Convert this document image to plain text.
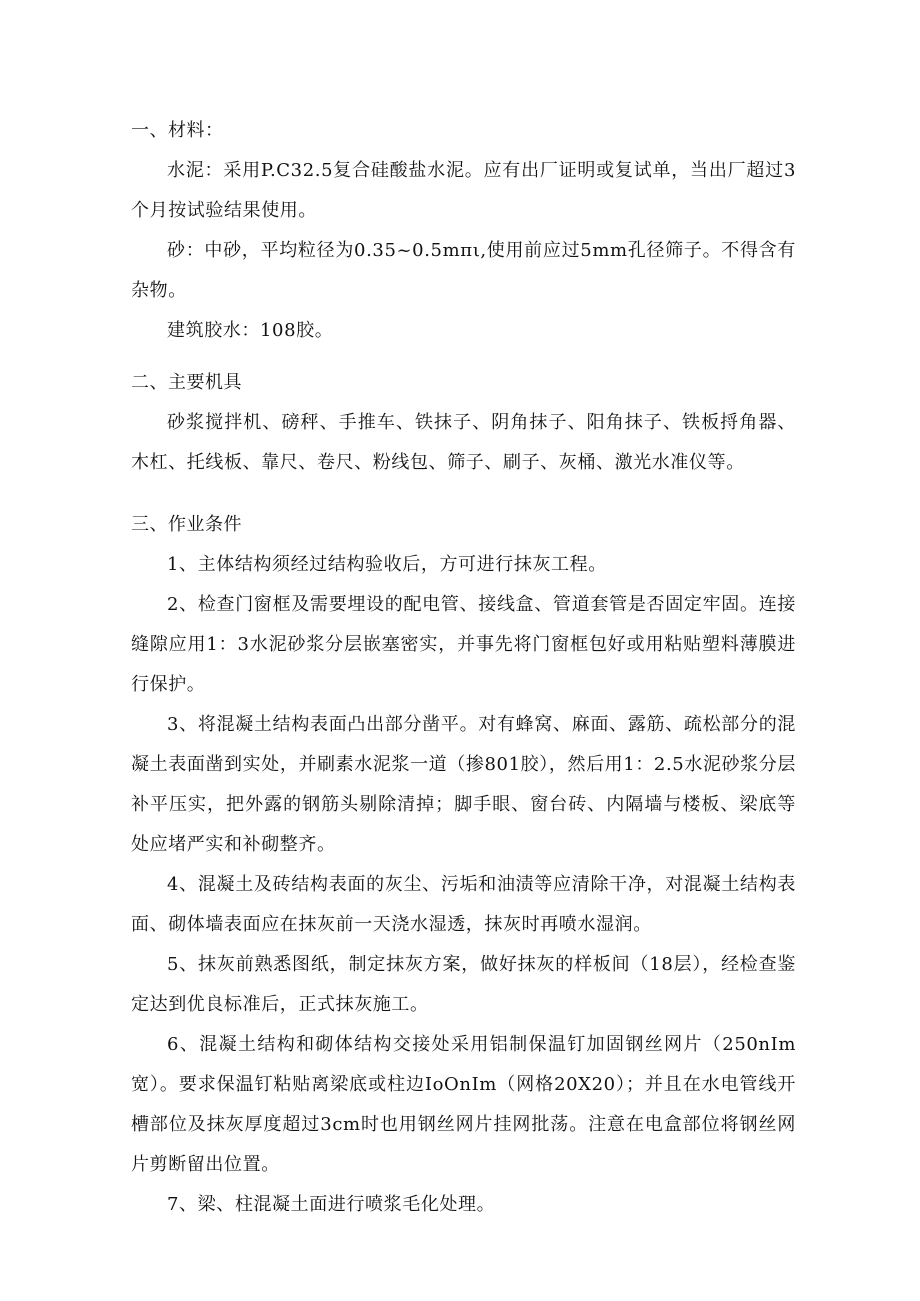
一、材料：

水泥：采用P.C32.5复合硅酸盐水泥。应有出厂证明或复试单，当出厂超过3个月按试验结果使用。

砂：中砂，平均粒径为0.35~0.5mπι,使用前应过5mm孔径筛子。不得含有杂物。

建筑胶水：108胶。

二、主要机具

砂浆搅拌机、磅秤、手推车、铁抹子、阴角抹子、阳角抹子、铁板捋角器、木杠、托线板、靠尺、卷尺、粉线包、筛子、刷子、灰桶、激光水准仪等。

三、作业条件

1、主体结构须经过结构验收后，方可进行抹灰工程。

2、检查门窗框及需要埋设的配电管、接线盒、管道套管是否固定牢固。连接缝隙应用1：3水泥砂浆分层嵌塞密实，并事先将门窗框包好或用粘贴塑料薄膜进行保护。

3、将混凝土结构表面凸出部分凿平。对有蜂窝、麻面、露筋、疏松部分的混凝土表面凿到实处，并刷素水泥浆一道（掺801胶），然后用1：2.5水泥砂浆分层补平压实，把外露的钢筋头剔除清掉；脚手眼、窗台砖、内隔墙与楼板、梁底等处应堵严实和补砌整齐。

4、混凝土及砖结构表面的灰尘、污垢和油渍等应清除干净，对混凝土结构表面、砌体墙表面应在抹灰前一天浇水湿透，抹灰时再喷水湿润。

5、抹灰前熟悉图纸，制定抹灰方案，做好抹灰的样板间（18层），经检查鉴定达到优良标准后，正式抹灰施工。

6、混凝土结构和砌体结构交接处采用铝制保温钉加固钢丝网片（250nIm宽）。要求保温钉粘贴离梁底或柱边IoOnIm（网格20X20）；并且在水电管线开槽部位及抹灰厚度超过3cm时也用钢丝网片挂网批荡。注意在电盒部位将钢丝网片剪断留出位置。

7、梁、柱混凝土面进行喷浆毛化处理。
